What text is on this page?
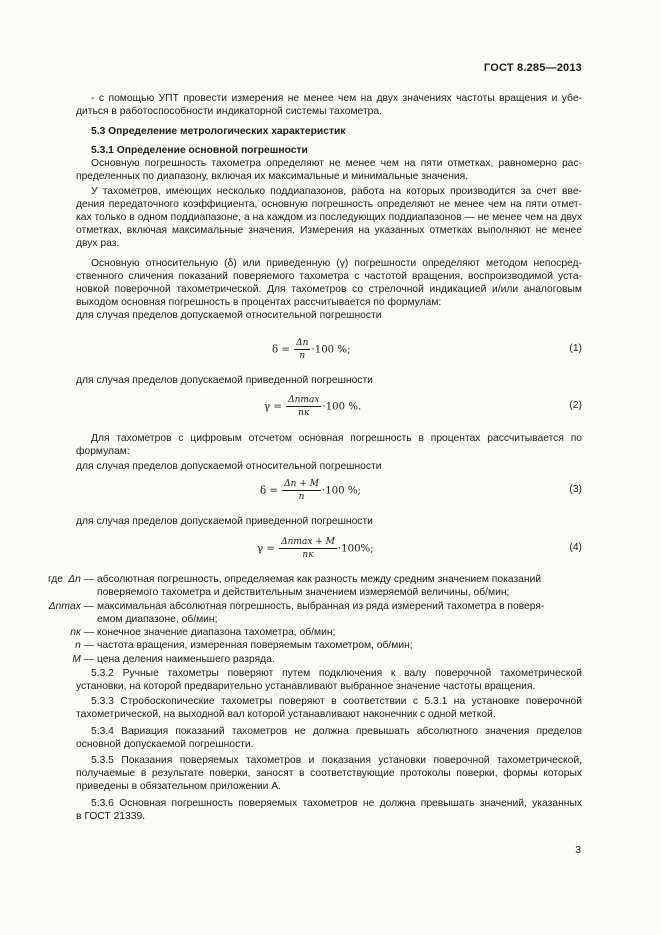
ГОСТ 8.285—2013
- с помощью УПТ провести измерения не менее чем на двух значениях частоты вращения и убе-
диться в работоспособности индикаторной системы тахометра.
5.3 Определение метрологических характеристик
5.3.1 Определение основной погрешности
Основную погрешность тахометра определяют не менее чем на пяти отметках, равномерно рас-
пределенных по диапазону, включая их максимальные и минимальные значения.
У тахометров, имеющих несколько поддиапазонов, работа на которых производится за счет вве-
дения передаточного коэффициента, основную погрешность определяют не менее чем на пяти отмет-
ках только в одном поддиапазоне, а на каждом из последующих поддиапазонов — не менее чем на двух
отметках, включая максимальные значения. Измерения на указанных отметках выполняют не менее
двух раз.
Основную относительную (δ) или приведенную (γ) погрешности определяют методом непосред-
ственного сличения показаний поверяемого тахометра с частотой вращения, воспроизводимой уста-
новкой поверочной тахометрической. Для тахометров со стрелочной индикацией и/или аналоговым
выходом основная погрешность в процентах рассчитывается по формулам:
для случая пределов допускаемой относительной погрешности
$\delta = \frac{\Delta n}{n} \cdot 100$ %;	(1)
для случая пределов допускаемой приведенной погрешности
$\gamma = \frac{\Delta nmax}{nк} \cdot 100$ %.	(2)
Для тахометров с цифровым отсчетом основная погрешность в процентах рассчитывается по
формулам:
для случая пределов допускаемой относительной погрешности
$\delta = \frac{\Delta n + M}{n} \cdot 100$ %;	(3)
для случая пределов допускаемой приведенной погрешности
$\gamma = \frac{\Delta nmax + M}{nк} \cdot 100\%$;	(4)
где Δn — абсолютная погрешность, определяемая как разность между средним значением показаний
поверяемого тахометра и действительным значением измеряемой величины, об/мин;
Δnmax — максимальная абсолютная погрешность, выбранная из ряда измерений тахометра в поверя-
емом диапазоне, об/мин;
nк — конечное значение диапазона тахометра, об/мин;
n — частота вращения, измеренная поверяемым тахометром, об/мин;
M — цена деления наименьшего разряда.
5.3.2 Ручные тахометры поверяют путем подключения к валу поверочной тахометрической
установки, на которой предварительно устанавливают выбранное значение частоты вращения.
5.3.3 Стробоскопические тахометры поверяют в соответствии с 5.3.1 на установке поверочной
тахометрической, на выходной вал которой устанавливают наконечник с одной меткой.
5.3.4 Вариация показаний тахометров не должна превышать абсолютного значения пределов
основной допускаемой погрешности.
5.3.5 Показания поверяемых тахометров и показания установки поверочной тахометрической,
получаемые в результате поверки, заносят в соответствующие протоколы поверки, формы которых
приведены в обязательном приложении А.
5.3.6 Основная погрешность поверяемых тахометров не должна превышать значений, указанных
в ГОСТ 21339.
3
